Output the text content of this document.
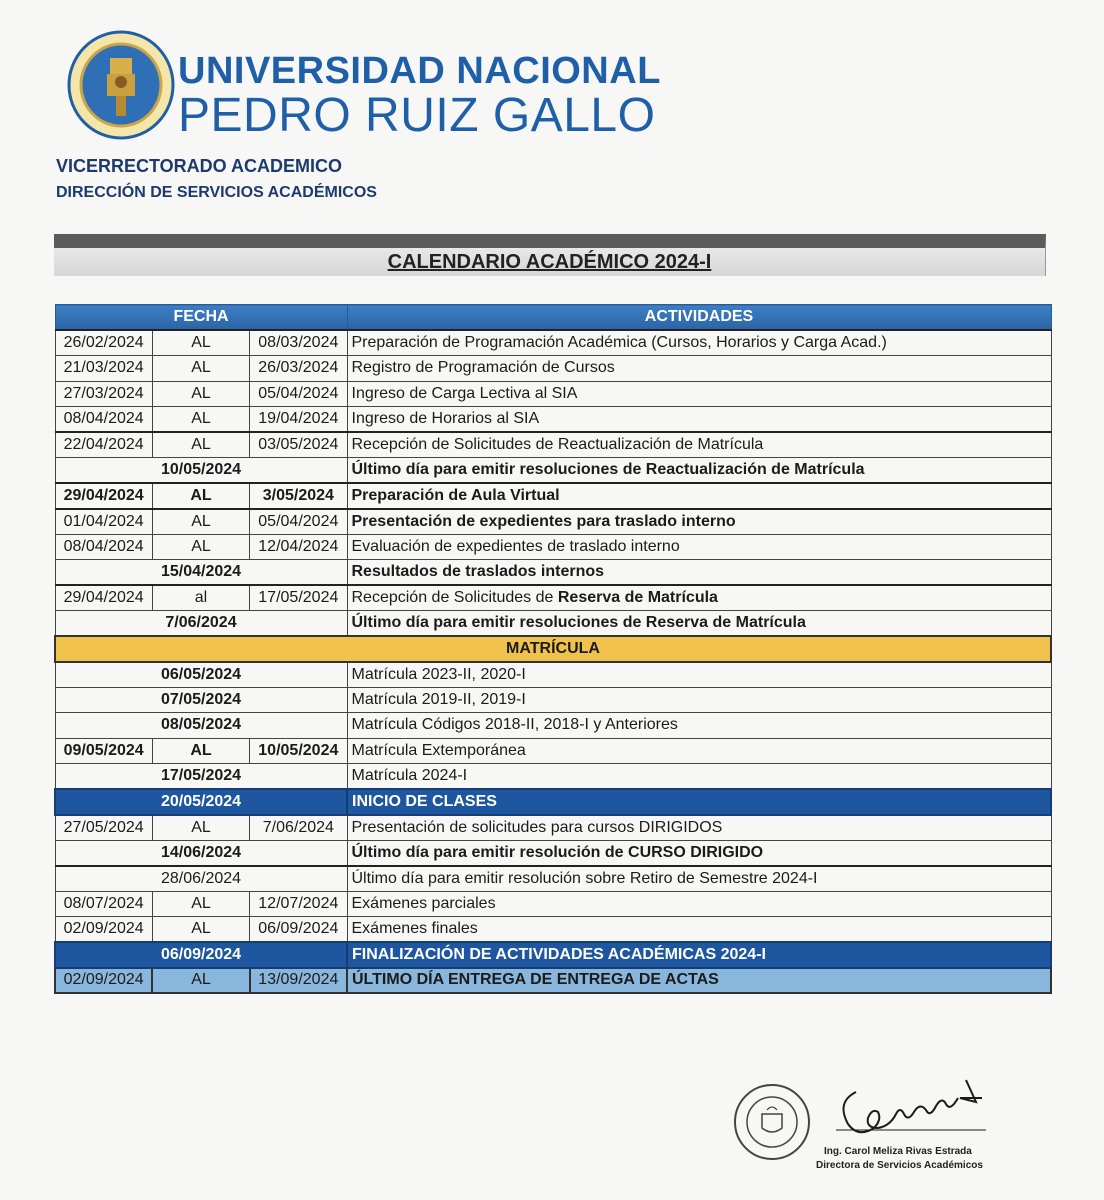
UNIVERSIDAD NACIONAL
PEDRO RUIZ GALLO
VICERRECTORADO ACADEMICO
DIRECCIÓN DE SERVICIOS ACADÉMICOS
CALENDARIO ACADÉMICO 2024-I
FECHA			ACTIVIDADES
26/02/2024	AL	08/03/2024	Preparación de Programación Académica (Cursos, Horarios y Carga Acad.)
21/03/2024	AL	26/03/2024	Registro de Programación de Cursos
27/03/2024	AL	05/04/2024	Ingreso de Carga Lectiva al SIA
08/04/2024	AL	19/04/2024	Ingreso de Horarios al SIA
22/04/2024	AL	03/05/2024	Recepción de Solicitudes de Reactualización de Matrícula
10/05/2024			Último día para emitir resoluciones de Reactualización de Matrícula
29/04/2024	AL	3/05/2024	Preparación de Aula Virtual
01/04/2024	AL	05/04/2024	Presentación de expedientes para traslado interno
08/04/2024	AL	12/04/2024	Evaluación de expedientes de traslado interno
15/04/2024			Resultados de traslados internos
29/04/2024	al	17/05/2024	Recepción de Solicitudes de Reserva de Matrícula
7/06/2024			Último día para emitir resoluciones de Reserva de Matrícula
MATRÍCULA			
06/05/2024			Matrícula 2023-II, 2020-I
07/05/2024			Matrícula 2019-II, 2019-I
08/05/2024			Matrícula Códigos 2018-II, 2018-I y Anteriores
09/05/2024	AL	10/05/2024	Matrícula Extemporánea
17/05/2024			Matrícula 2024-I
20/05/2024			INICIO DE CLASES
27/05/2024	AL	7/06/2024	Presentación de solicitudes para cursos DIRIGIDOS
14/06/2024			Último día para emitir resolución de CURSO DIRIGIDO
28/06/2024			Último día para emitir resolución sobre Retiro de Semestre 2024-I
08/07/2024	AL	12/07/2024	Exámenes parciales
02/09/2024	AL	06/09/2024	Exámenes finales
06/09/2024			FINALIZACIÓN DE ACTIVIDADES ACADÉMICAS 2024-I
02/09/2024	AL	13/09/2024	ÚLTIMO DÍA ENTREGA DE ENTREGA DE ACTAS
Ing. Carol Meliza Rivas Estrada
Directora de Servicios Académicos
